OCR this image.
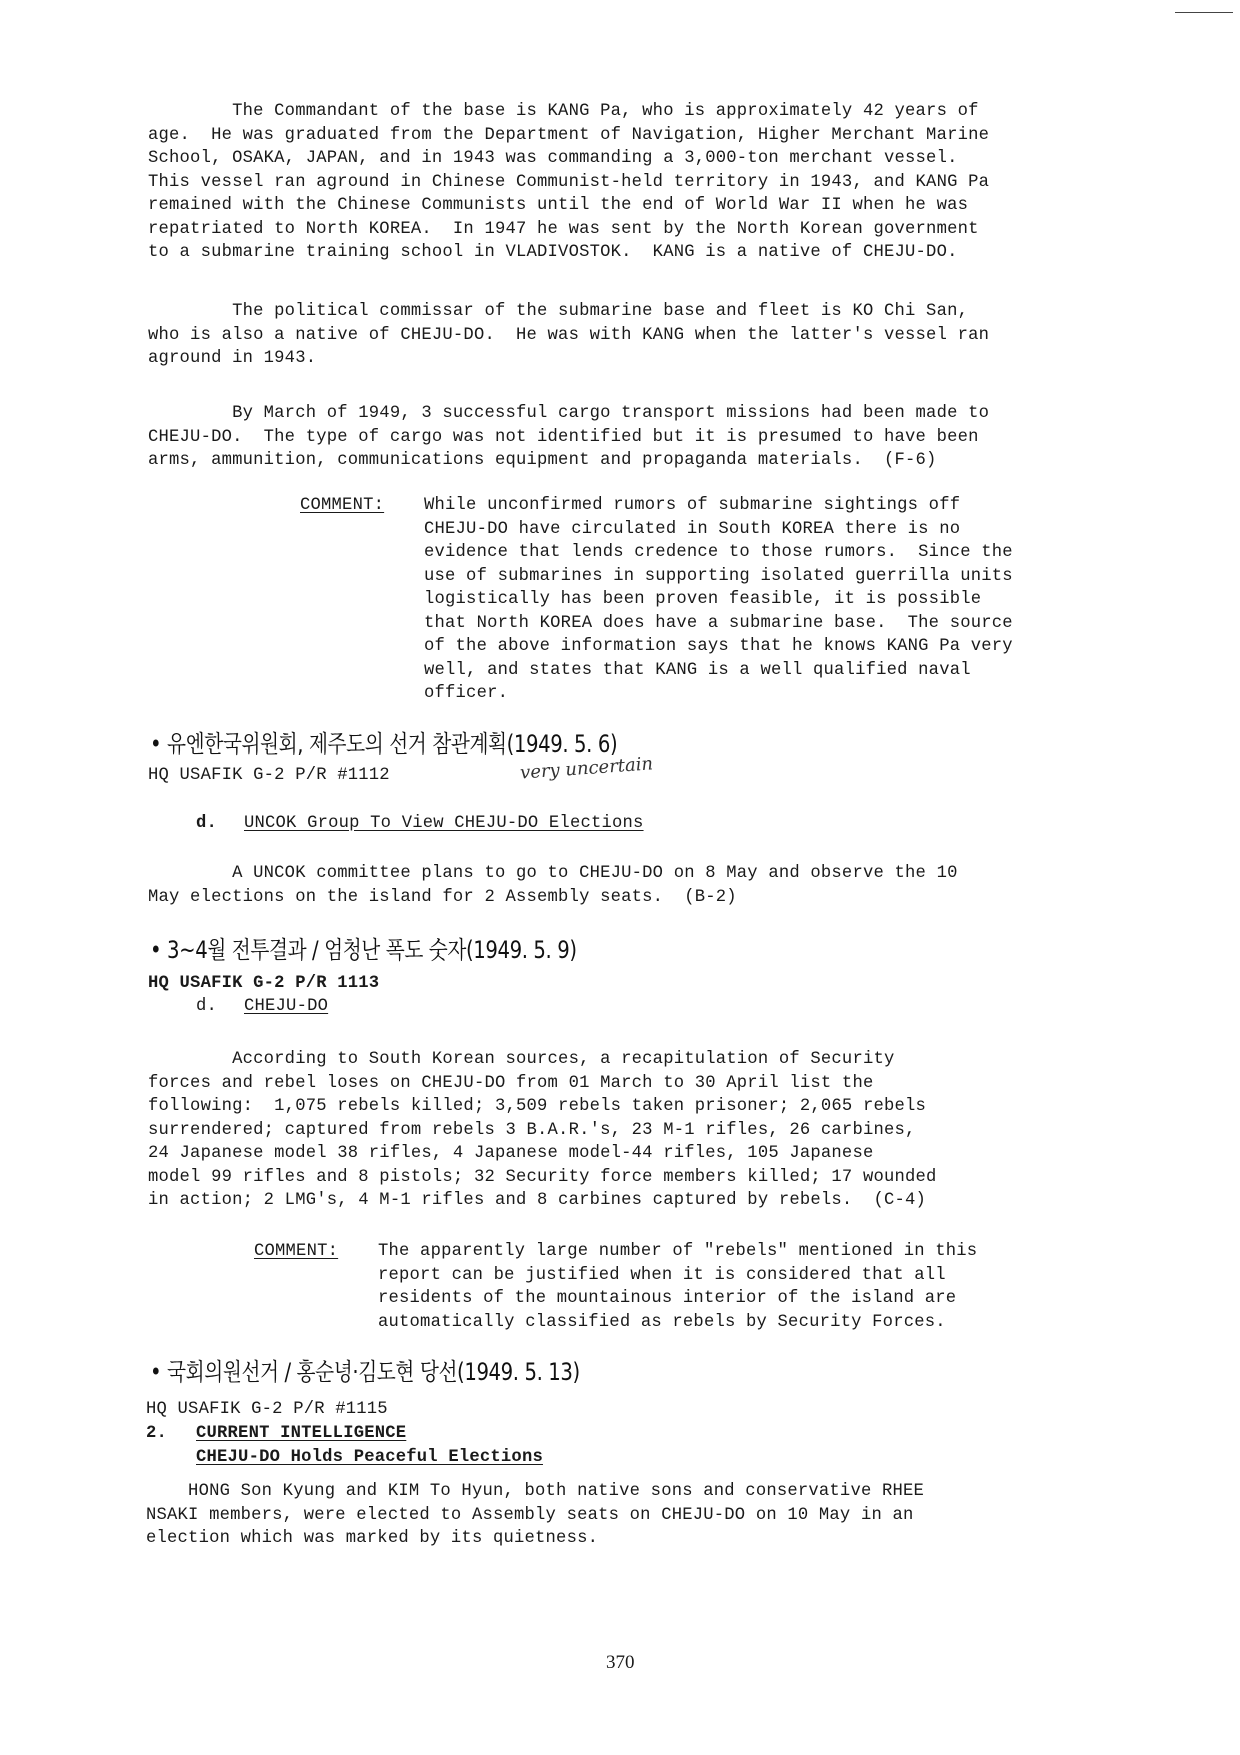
The Commandant of the base is KANG Pa, who is approximately 42 years of
age.  He was graduated from the Department of Navigation, Higher Merchant Marine
School, OSAKA, JAPAN, and in 1943 was commanding a 3,000-ton merchant vessel.
This vessel ran aground in Chinese Communist-held territory in 1943, and KANG Pa
remained with the Chinese Communists until the end of World War II when he was
repatriated to North KOREA.  In 1947 he was sent by the North Korean government
to a submarine training school in VLADIVOSTOK.  KANG is a native of CHEJU-DO.
The political commissar of the submarine base and fleet is KO Chi San,
who is also a native of CHEJU-DO.  He was with KANG when the latter's vessel ran
aground in 1943.
By March of 1949, 3 successful cargo transport missions had been made to
CHEJU-DO.  The type of cargo was not identified but it is presumed to have been
arms, ammunition, communications equipment and propaganda materials.  (F-6)
COMMENT: While unconfirmed rumors of submarine sightings off
CHEJU-DO have circulated in South KOREA there is no
evidence that lends credence to those rumors.  Since the
use of submarines in supporting isolated guerrilla units
logistically has been proven feasible, it is possible
that North KOREA does have a submarine base.  The source
of the above information says that he knows KANG Pa very
well, and states that KANG is a well qualified naval
officer.
• 유엔한국위원회, 제주도의 선거 참관계획(1949. 5. 6)
HQ USAFIK G-2 P/R #1112	very uncertain
d. UNCOK Group To View CHEJU-DO Elections
A UNCOK committee plans to go to CHEJU-DO on 8 May and observe the 10
May elections on the island for 2 Assembly seats.  (B-2)
• 3~4월 전투결과 / 엄청난 폭도 숫자(1949. 5. 9)
HQ USAFIK G-2 P/R 1113
d. CHEJU-DO
According to South Korean sources, a recapitulation of Security
forces and rebel loses on CHEJU-DO from 01 March to 30 April list the
following:  1,075 rebels killed; 3,509 rebels taken prisoner; 2,065 rebels
surrendered; captured from rebels 3 B.A.R.'s, 23 M-1 rifles, 26 carbines,
24 Japanese model 38 rifles, 4 Japanese model-44 rifles, 105 Japanese
model 99 rifles and 8 pistols; 32 Security force members killed; 17 wounded
in action; 2 LMG's, 4 M-1 rifles and 8 carbines captured by rebels.  (C-4)
COMMENT: The apparently large number of "rebels" mentioned in this
report can be justified when it is considered that all
residents of the mountainous interior of the island are
automatically classified as rebels by Security Forces.
• 국회의원선거 / 홍순녕·김도현 당선(1949. 5. 13)
HQ USAFIK G-2 P/R #1115
2. CURRENT INTELLIGENCE
CHEJU-DO Holds Peaceful Elections
HONG Son Kyung and KIM To Hyun, both native sons and conservative RHEE
NSAKI members, were elected to Assembly seats on CHEJU-DO on 10 May in an
election which was marked by its quietness.
370
